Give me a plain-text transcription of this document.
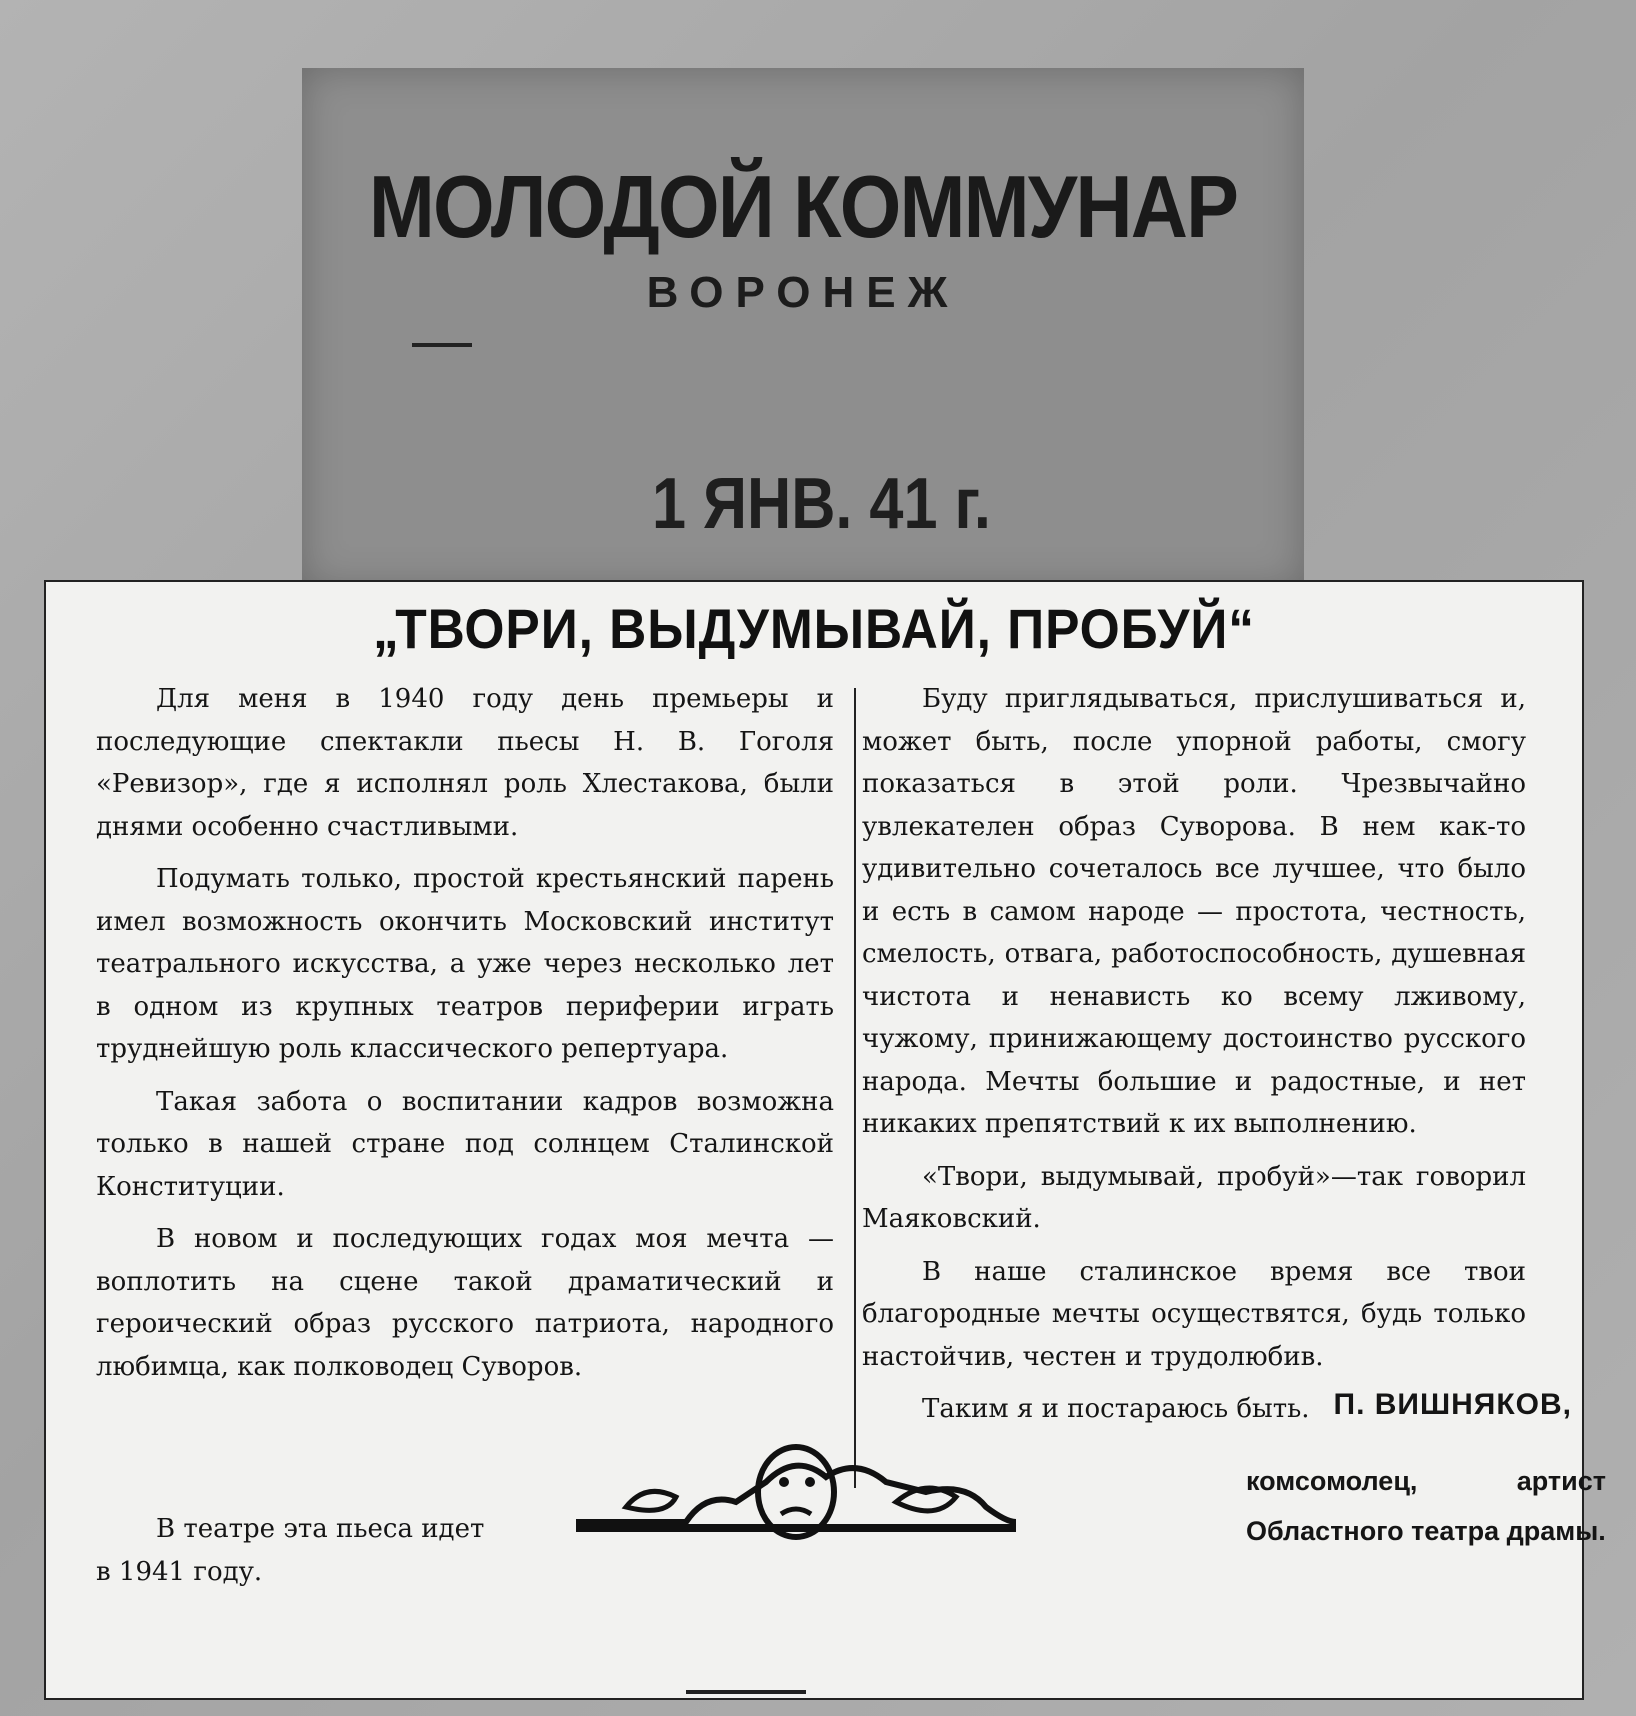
МОЛОДОЙ КОММУНАР
ВОРОНЕЖ
1 ЯНВ. 41 г.
„ТВОРИ, ВЫДУМЫВАЙ, ПРОБУЙ“

Для меня в 1940 году день премьеры и последующие спектакли пьесы Н. В. Гоголя «Ревизор», где я исполнял роль Хлестакова, были днями особенно счастливыми.

Подумать только, простой крестьянский парень имел возможность окончить Московский институт театрального искусства, а уже через несколько лет в одном из крупных театров периферии играть труднейшую роль классического репертуара.

Такая забота о воспитании кадров возможна только в нашей стране под солнцем Сталинской Конституции.

В новом и последующих годах моя мечта — воплотить на сцене такой драматический и героический образ русского патриота, народного любимца, как полководец Суворов.

Буду приглядываться, прислушиваться и, может быть, после упорной работы, смогу показаться в этой роли. Чрезвычайно увлекателен образ Суворова. В нем как-то удивительно сочеталось все лучшее, что было и есть в самом народе — простота, честность, смелость, отвага, работоспособность, душевная чистота и ненависть ко всему лживому, чужому, принижающему достоинство русского народа. Мечты большие и радостные, и нет никаких препятствий к их выполнению.

«Твори, выдумывай, пробуй»—так говорил Маяковский.

В наше сталинское время все твои благородные мечты осуществятся, будь только настойчив, честен и трудолюбив.

Таким я и постараюсь быть.

В театре эта пьеса идет в 1941 году.

П. ВИШНЯКОВ,
комсомолец, артист Областного театра драмы.
